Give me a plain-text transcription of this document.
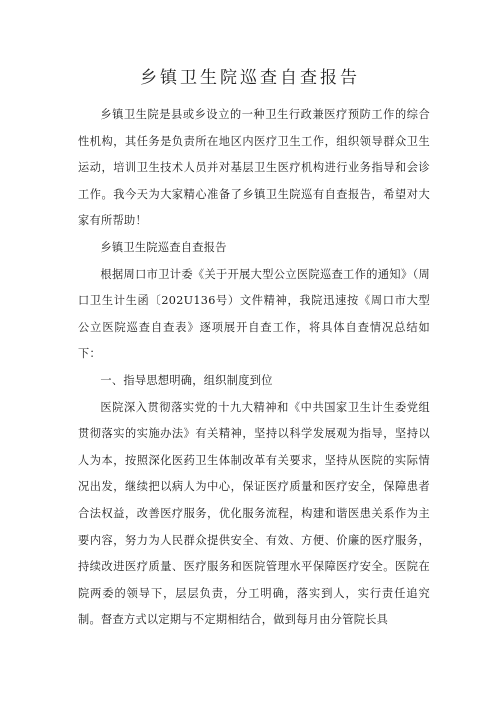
乡镇卫生院巡查自查报告

乡镇卫生院是县或乡设立的一种卫生行政兼医疗预防工作的综合性机构，其任务是负责所在地区内医疗卫生工作，组织领导群众卫生运动，培训卫生技术人员并对基层卫生医疗机构进行业务指导和会诊工作。我今天为大家精心准备了乡镇卫生院巡有自查报告，希望对大家有所帮助！

乡镇卫生院巡查自查报告

根据周口市卫计委《关于开展大型公立医院巡查工作的通知》（周口卫生计生函〔202U136号）文件精神，我院迅速按《周口市大型公立医院巡查自查表》逐项展开自查工作，将具体自查情况总结如下：

一、指导思想明确，组织制度到位

医院深入贯彻落实党的十九大精神和《中共国家卫生计生委党组贯彻落实的实施办法》有关精神，坚持以科学发展观为指导，坚持以人为本，按照深化医药卫生体制改革有关要求，坚持从医院的实际情况出发，继续把以病人为中心，保证医疗质量和医疗安全，保障患者合法权益，改善医疗服务，优化服务流程，构建和谐医患关系作为主要内容，努力为人民群众提供安全、有效、方便、价廉的医疗服务，持续改进医疗质量、医疗服务和医院管理水平保障医疗安全。医院在院两委的领导下，层层负责，分工明确，落实到人，实行责任追究制。督查方式以定期与不定期相结合，做到每月由分管院长具
